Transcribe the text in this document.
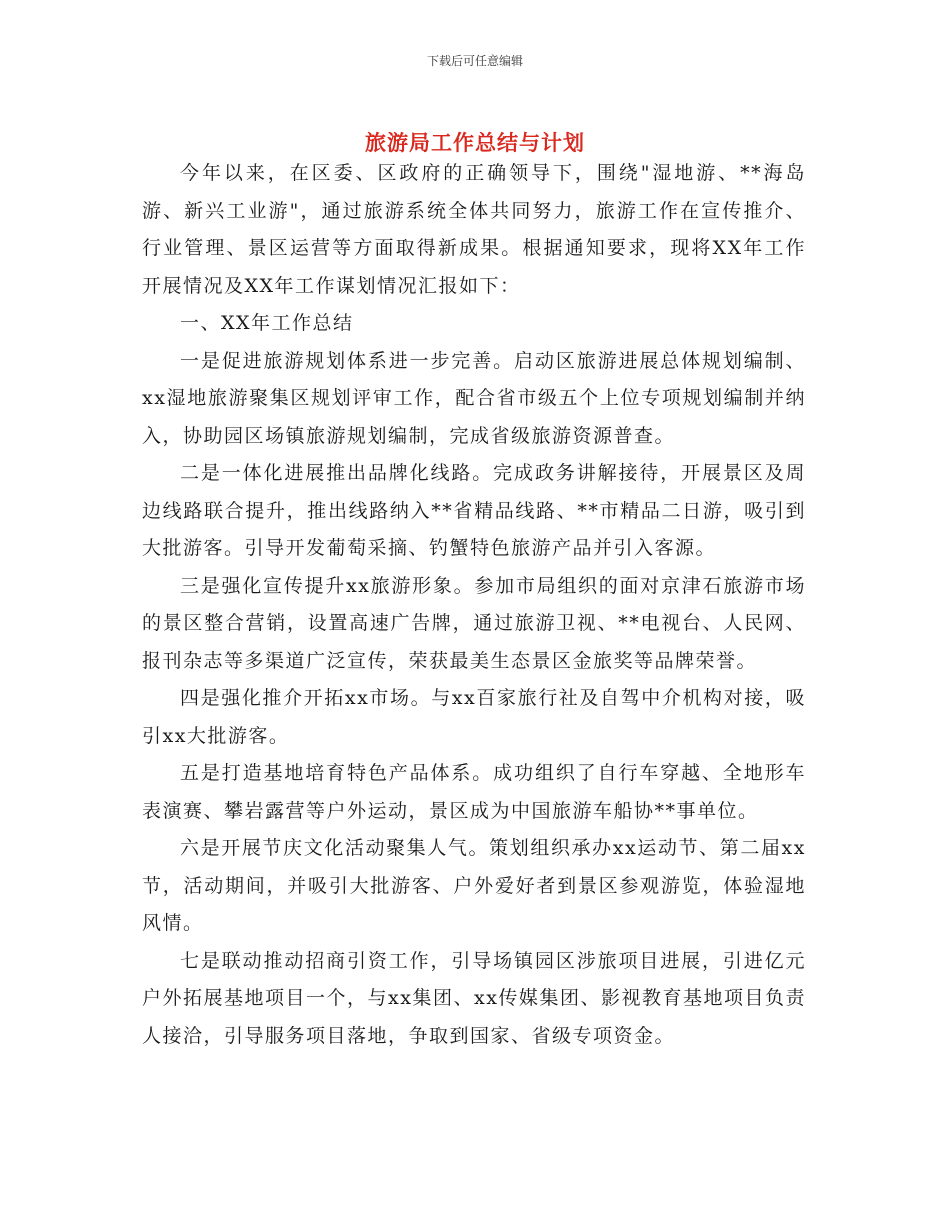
下载后可任意编辑
旅游局工作总结与计划

今年以来，在区委、区政府的正确领导下，围绕"湿地游、**海岛游、新兴工业游"，通过旅游系统全体共同努力，旅游工作在宣传推介、行业管理、景区运营等方面取得新成果。根据通知要求，现将XX年工作开展情况及XX年工作谋划情况汇报如下：

一、XX年工作总结

一是促进旅游规划体系进一步完善。启动区旅游进展总体规划编制、xx湿地旅游聚集区规划评审工作，配合省市级五个上位专项规划编制并纳入，协助园区场镇旅游规划编制，完成省级旅游资源普查。

二是一体化进展推出品牌化线路。完成政务讲解接待，开展景区及周边线路联合提升，推出线路纳入**省精品线路、**市精品二日游，吸引到大批游客。引导开发葡萄采摘、钓蟹特色旅游产品并引入客源。

三是强化宣传提升xx旅游形象。参加市局组织的面对京津石旅游市场的景区整合营销，设置高速广告牌，通过旅游卫视、**电视台、人民网、报刊杂志等多渠道广泛宣传，荣获最美生态景区金旅奖等品牌荣誉。

四是强化推介开拓xx市场。与xx百家旅行社及自驾中介机构对接，吸引xx大批游客。

五是打造基地培育特色产品体系。成功组织了自行车穿越、全地形车表演赛、攀岩露营等户外运动，景区成为中国旅游车船协**事单位。

六是开展节庆文化活动聚集人气。策划组织承办xx运动节、第二届xx节，活动期间，并吸引大批游客、户外爱好者到景区参观游览，体验湿地风情。

七是联动推动招商引资工作，引导场镇园区涉旅项目进展，引进亿元户外拓展基地项目一个，与xx集团、xx传媒集团、影视教育基地项目负责人接洽，引导服务项目落地，争取到国家、省级专项资金。
